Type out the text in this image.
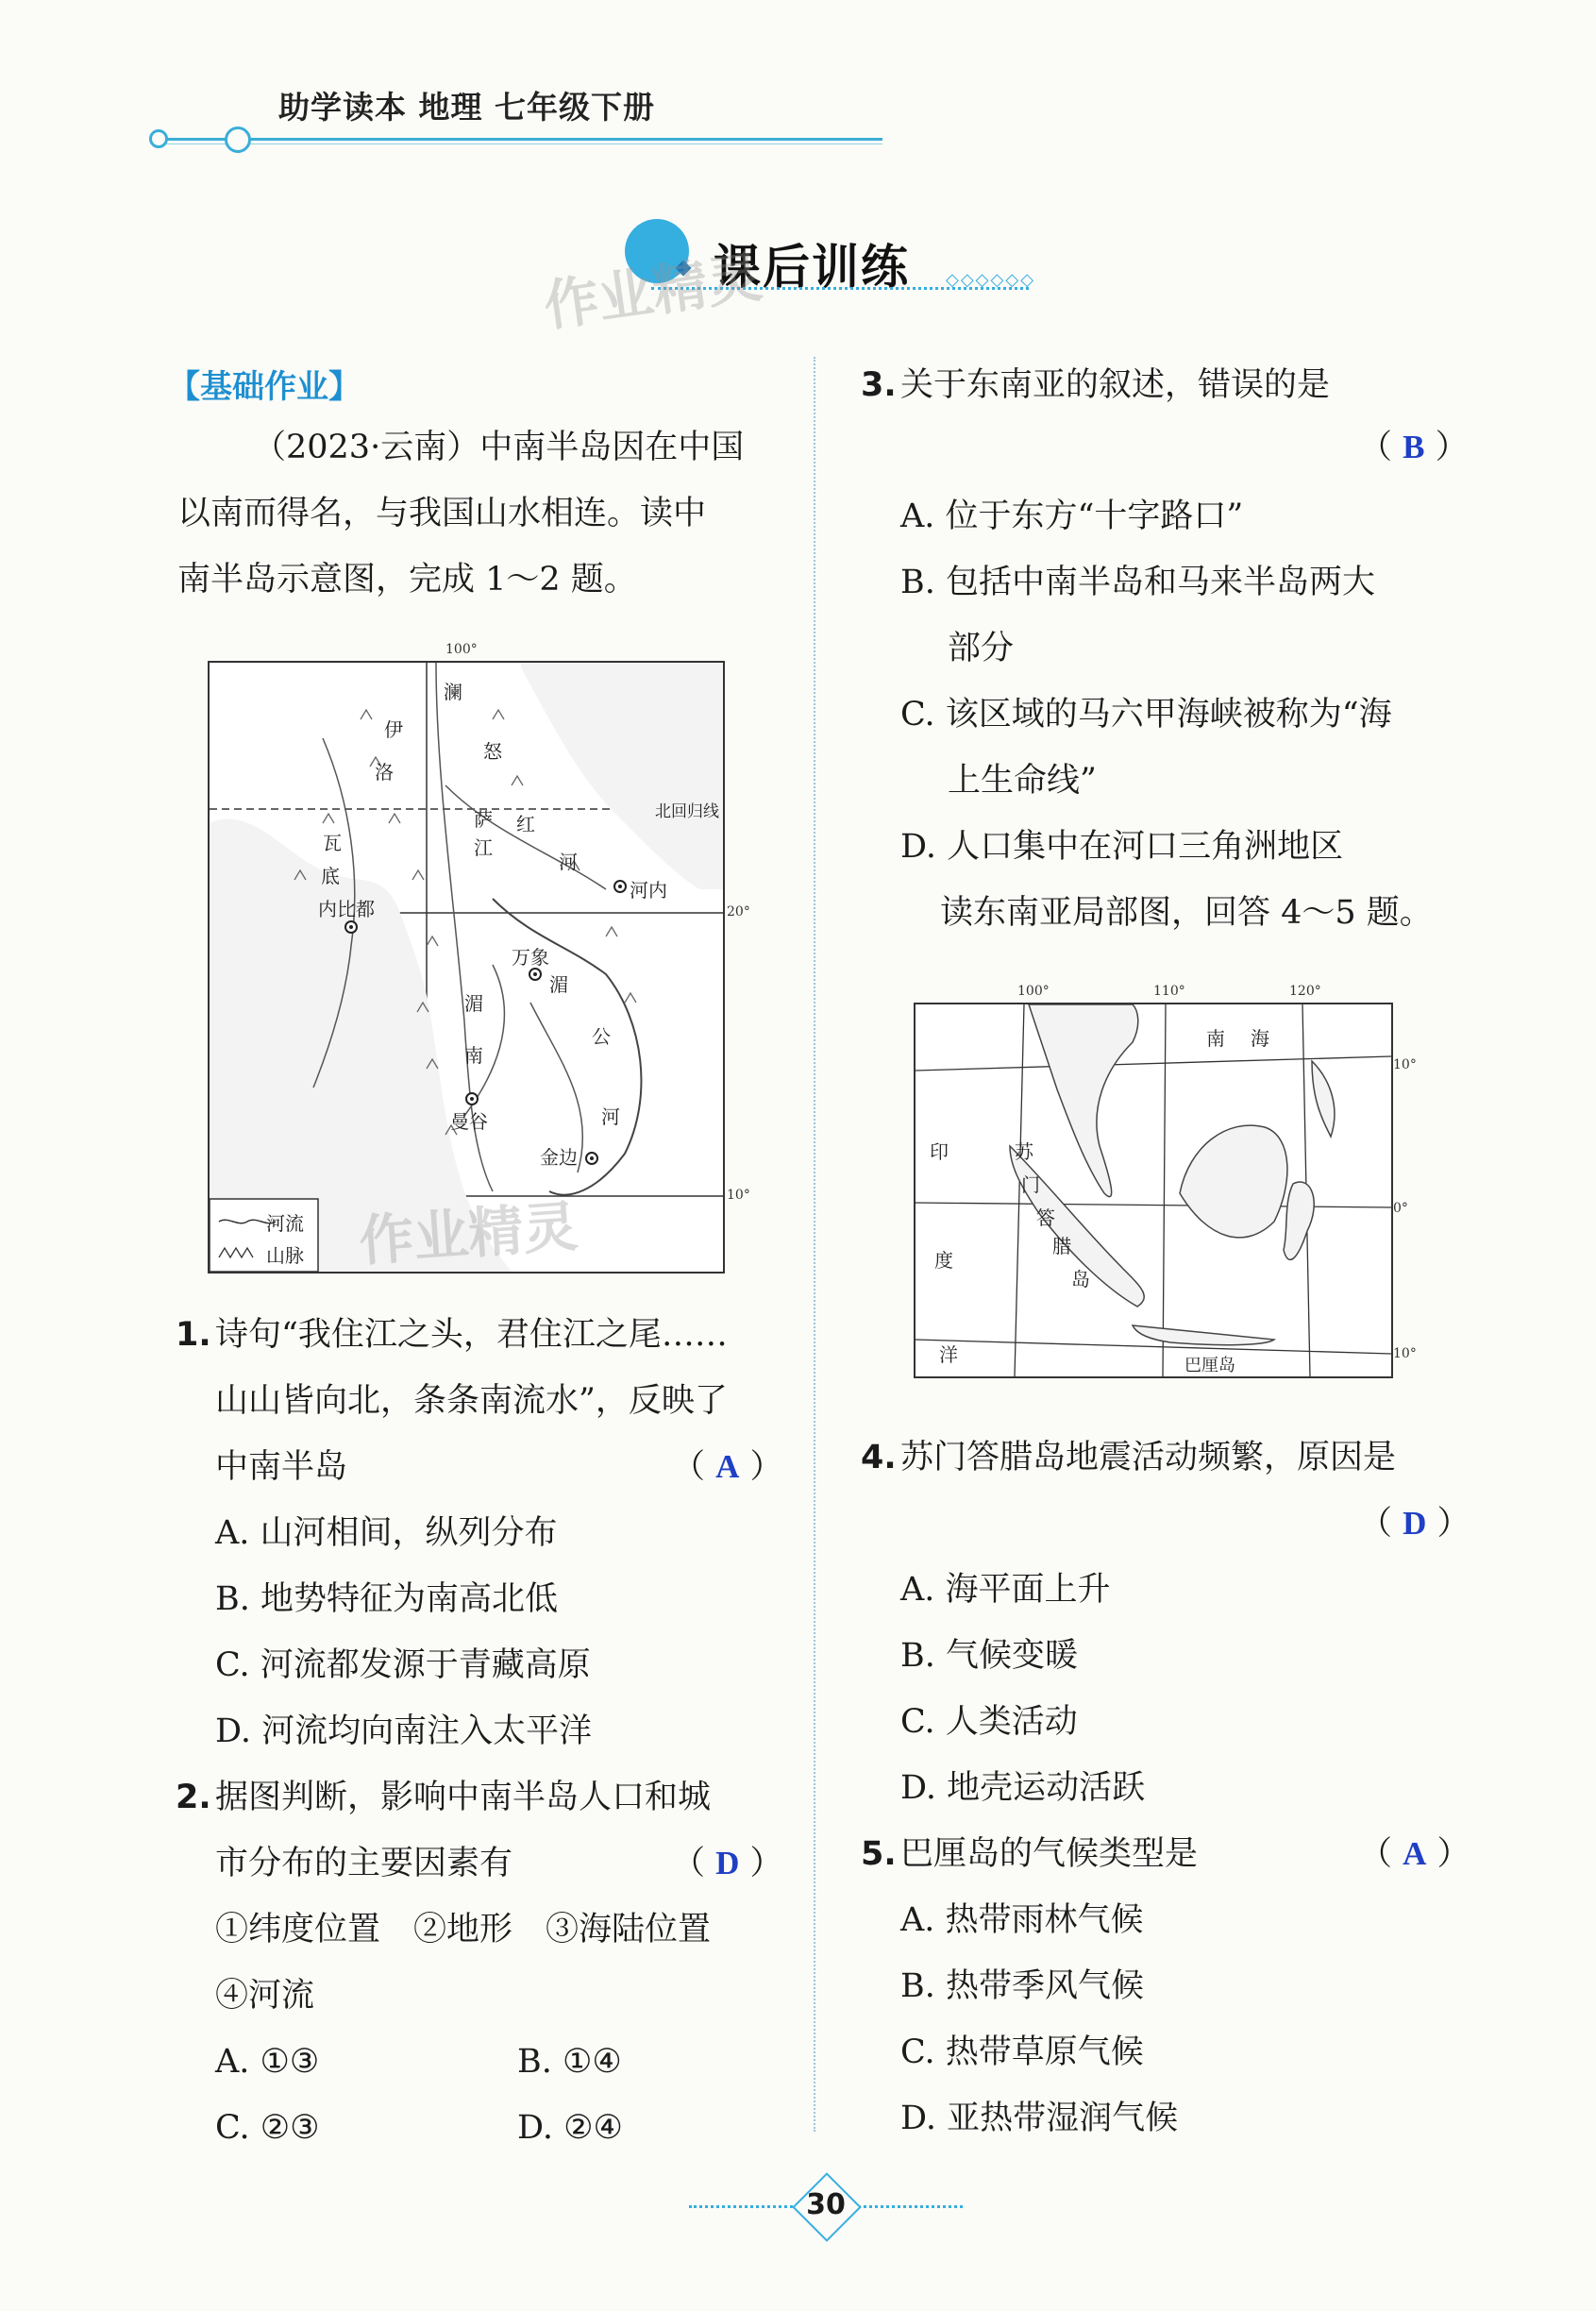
助学读本 地理 七年级下册
课后训练 ◇◇◇◇◇◇
作业精灵
【基础作业】
（2023·云南）中南半岛因在中国
以南而得名，与我国山水相连。读中
南半岛示意图，完成 1～2 题。
北回归线
河内
内比都
万象
曼谷
金边
河流
山脉
澜
伊
洛
瓦
底
怒
萨
江
红
河
湄
公
河
湄
南
100°
20°
10°
作业精灵
1. 诗句“我住江之头，君住江之尾……
山山皆向北，条条南流水”，反映了
中南半岛	（ A ）
A. 山河相间，纵列分布
B. 地势特征为南高北低
C. 河流都发源于青藏高原
D. 河流均向南注入太平洋
2. 据图判断，影响中南半岛人口和城
市分布的主要因素有	（ D ）
①纬度位置　②地形　③海陆位置
④河流
A. ①③	B. ①④
C. ②③	D. ②④
3. 关于东南亚的叙述，错误的是
（ B ）
A. 位于东方“十字路口”
B. 包括中南半岛和马来半岛两大
部分
C. 该区域的马六甲海峡被称为“海
上生命线”
D. 人口集中在河口三角洲地区
读东南亚局部图，回答 4～5 题。
100°	110°	120°
南 海
苏
门
答
腊
岛
印
度
洋	巴厘岛
10°
0°
10°
4. 苏门答腊岛地震活动频繁，原因是
（ D ）
A. 海平面上升
B. 气候变暖
C. 人类活动
D. 地壳运动活跃
5. 巴厘岛的气候类型是	（ A ）
A. 热带雨林气候
B. 热带季风气候
C. 热带草原气候
D. 亚热带湿润气候
30
